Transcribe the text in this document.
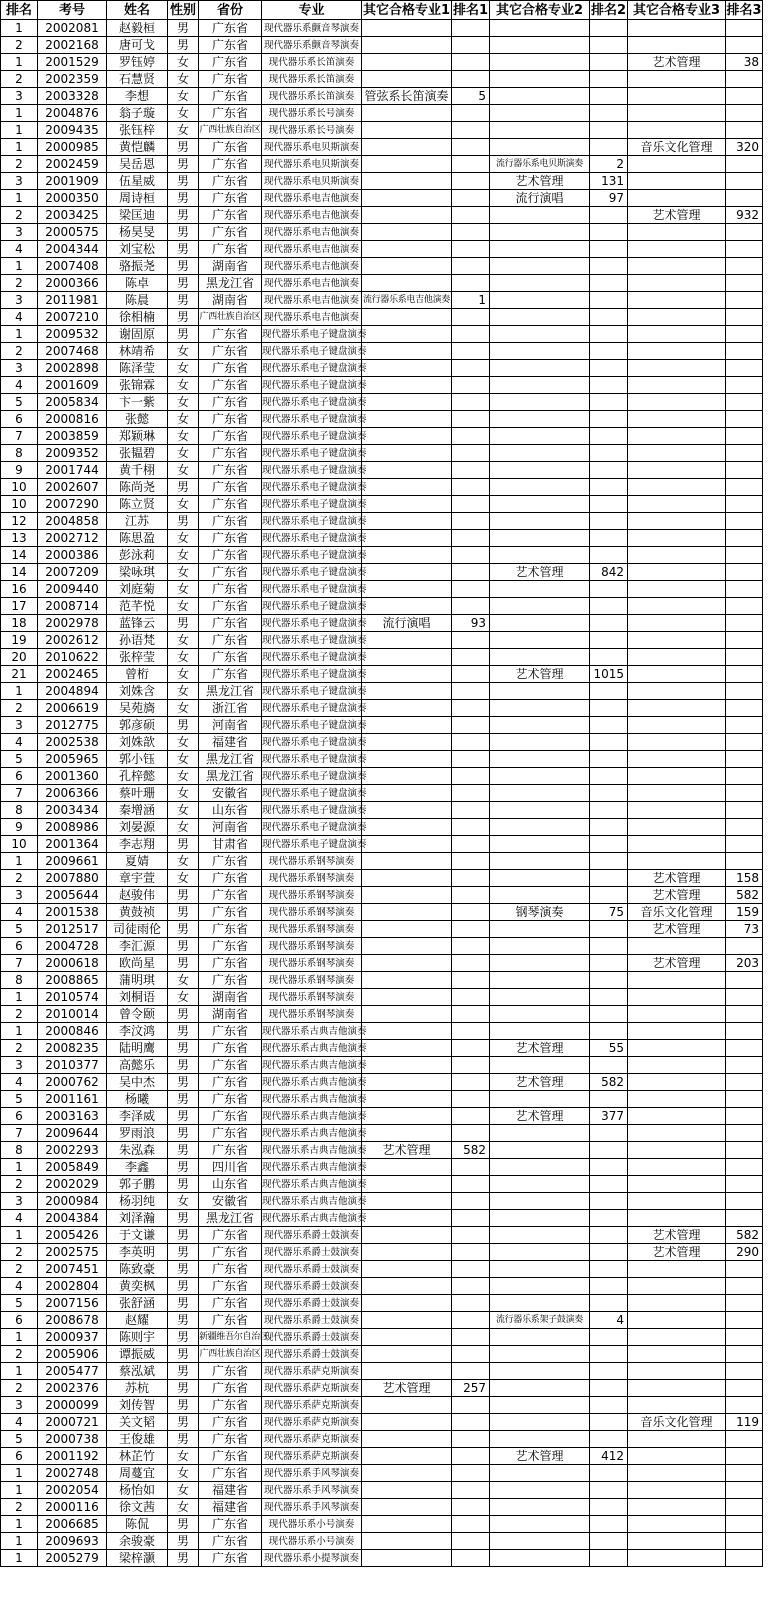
排名	考号	姓名	性别	省份	专业	其它合格专业1	排名1	其它合格专业2	排名2	其它合格专业3	排名3
1	2002081	赵毅桓	男	广东省	现代器乐系颤音琴演奏						
2	2002168	唐可戈	男	广东省	现代器乐系颤音琴演奏						
1	2001529	罗钰婷	女	广东省	现代器乐系长笛演奏					艺术管理	38
2	2002359	石慧贤	女	广东省	现代器乐系长笛演奏						
3	2003328	李想	女	广东省	现代器乐系长笛演奏	管弦系长笛演奏	5				
1	2004876	翁子璇	女	广东省	现代器乐系长号演奏						
1	2009435	张钰梓	女	广西壮族自治区	现代器乐系长号演奏						
1	2000985	黄恺麟	男	广东省	现代器乐系电贝斯演奏					音乐文化管理	320
2	2002459	吴岳恩	男	广东省	现代器乐系电贝斯演奏			流行器乐系电贝斯演奏	2		
3	2001909	伍星威	男	广东省	现代器乐系电贝斯演奏			艺术管理	131		
1	2000350	周诗桓	男	广东省	现代器乐系电吉他演奏			流行演唱	97		
2	2003425	梁匡迪	男	广东省	现代器乐系电吉他演奏					艺术管理	932
3	2000575	杨昊旻	男	广东省	现代器乐系电吉他演奏						
4	2004344	刘宝松	男	广东省	现代器乐系电吉他演奏						
1	2007408	骆振尧	男	湖南省	现代器乐系电吉他演奏						
2	2000366	陈卓	男	黑龙江省	现代器乐系电吉他演奏						
3	2011981	陈晨	男	湖南省	现代器乐系电吉他演奏	流行器乐系电吉他演奏	1				
4	2007210	徐相楠	男	广西壮族自治区	现代器乐系电吉他演奏						
1	2009532	谢固原	男	广东省	现代器乐系电子键盘演奏						
2	2007468	林靖希	女	广东省	现代器乐系电子键盘演奏						
3	2002898	陈泽莹	女	广东省	现代器乐系电子键盘演奏						
4	2001609	张锦霖	女	广东省	现代器乐系电子键盘演奏						
5	2005834	卞一紫	女	广东省	现代器乐系电子键盘演奏						
6	2000816	张懿	女	广东省	现代器乐系电子键盘演奏						
7	2003859	郑颖琳	女	广东省	现代器乐系电子键盘演奏						
8	2009352	张韫碧	女	广东省	现代器乐系电子键盘演奏						
9	2001744	黄千栩	女	广东省	现代器乐系电子键盘演奏						
10	2002607	陈尚尧	男	广东省	现代器乐系电子键盘演奏						
10	2007290	陈立贤	女	广东省	现代器乐系电子键盘演奏						
12	2004858	江苏	男	广东省	现代器乐系电子键盘演奏						
13	2002712	陈思盈	女	广东省	现代器乐系电子键盘演奏						
14	2000386	彭泳莉	女	广东省	现代器乐系电子键盘演奏						
14	2007209	梁咏琪	女	广东省	现代器乐系电子键盘演奏			艺术管理	842		
16	2009440	刘庭菊	女	广东省	现代器乐系电子键盘演奏						
17	2008714	范芊悦	女	广东省	现代器乐系电子键盘演奏						
18	2002978	蓝锋云	男	广东省	现代器乐系电子键盘演奏	流行演唱	93				
19	2002612	孙语梵	女	广东省	现代器乐系电子键盘演奏						
20	2010622	张梓莹	女	广东省	现代器乐系电子键盘演奏						
21	2002465	曾桁	女	广东省	现代器乐系电子键盘演奏			艺术管理	1015		
1	2004894	刘姝含	女	黑龙江省	现代器乐系电子键盘演奏						
2	2006619	吴苑旖	女	浙江省	现代器乐系电子键盘演奏						
3	2012775	郭彦硕	男	河南省	现代器乐系电子键盘演奏						
4	2002538	刘姝歆	女	福建省	现代器乐系电子键盘演奏						
5	2005965	郭小钰	女	黑龙江省	现代器乐系电子键盘演奏						
6	2001360	孔梓懿	女	黑龙江省	现代器乐系电子键盘演奏						
7	2006366	蔡叶珊	女	安徽省	现代器乐系电子键盘演奏						
8	2003434	秦增涵	女	山东省	现代器乐系电子键盘演奏						
9	2008986	刘晏源	女	河南省	现代器乐系电子键盘演奏						
10	2001364	李志翔	男	甘肃省	现代器乐系电子键盘演奏						
1	2009661	夏婧	女	广东省	现代器乐系钢琴演奏						
2	2007880	章宇萱	女	广东省	现代器乐系钢琴演奏					艺术管理	158
3	2005644	赵骏伟	男	广东省	现代器乐系钢琴演奏					艺术管理	582
4	2001538	黄鼓祯	男	广东省	现代器乐系钢琴演奏			钢琴演奏	75	音乐文化管理	159
5	2012517	司徒雨伦	男	广东省	现代器乐系钢琴演奏					艺术管理	73
6	2004728	李汇源	男	广东省	现代器乐系钢琴演奏						
7	2000618	欧尚星	男	广东省	现代器乐系钢琴演奏					艺术管理	203
8	2008865	蒲明琪	女	广东省	现代器乐系钢琴演奏						
1	2010574	刘桐语	女	湖南省	现代器乐系钢琴演奏						
2	2010014	曾令颐	男	湖南省	现代器乐系钢琴演奏						
1	2000846	李汶鸿	男	广东省	现代器乐系古典吉他演奏						
2	2008235	陆明鹰	男	广东省	现代器乐系古典吉他演奏			艺术管理	55		
3	2010377	高懿乐	男	广东省	现代器乐系古典吉他演奏						
4	2000762	吴中杰	男	广东省	现代器乐系古典吉他演奏			艺术管理	582		
5	2001161	杨曦	男	广东省	现代器乐系古典吉他演奏						
6	2003163	李泽威	男	广东省	现代器乐系古典吉他演奏			艺术管理	377		
7	2009644	罗雨浪	男	广东省	现代器乐系古典吉他演奏						
8	2002293	朱泓森	男	广东省	现代器乐系古典吉他演奏	艺术管理	582				
1	2005849	李鑫	男	四川省	现代器乐系古典吉他演奏						
2	2002029	郭子鹏	男	山东省	现代器乐系古典吉他演奏						
3	2000984	杨羽纯	女	安徽省	现代器乐系古典吉他演奏						
4	2004384	刘泽瀚	男	黑龙江省	现代器乐系古典吉他演奏						
1	2005426	于文谦	男	广东省	现代器乐系爵士鼓演奏					艺术管理	582
2	2002575	李英明	男	广东省	现代器乐系爵士鼓演奏					艺术管理	290
2	2007451	陈致豪	男	广东省	现代器乐系爵士鼓演奏						
4	2002804	黄奕枫	男	广东省	现代器乐系爵士鼓演奏						
5	2007156	张舒涵	男	广东省	现代器乐系爵士鼓演奏						
6	2008678	赵耀	男	广东省	现代器乐系爵士鼓演奏			流行器乐系架子鼓演奏	4		
1	2000937	陈则宇	男	新疆维吾尔自治区	现代器乐系爵士鼓演奏						
2	2005906	谭振威	男	广西壮族自治区	现代器乐系爵士鼓演奏						
1	2005477	蔡泓斌	男	广东省	现代器乐系萨克斯演奏						
2	2002376	苏杭	男	广东省	现代器乐系萨克斯演奏	艺术管理	257				
3	2000099	刘传智	男	广东省	现代器乐系萨克斯演奏						
4	2000721	关文韬	男	广东省	现代器乐系萨克斯演奏					音乐文化管理	119
5	2000738	王俊雄	男	广东省	现代器乐系萨克斯演奏						
6	2001192	林芷竹	女	广东省	现代器乐系萨克斯演奏			艺术管理	412		
1	2002748	周蔓宜	女	广东省	现代器乐系手风琴演奏						
1	2002054	杨怡如	女	福建省	现代器乐系手风琴演奏						
2	2000116	徐文茜	女	福建省	现代器乐系手风琴演奏						
1	2006685	陈侃	男	广东省	现代器乐系小号演奏						
1	2009693	余骏豪	男	广东省	现代器乐系小号演奏						
1	2005279	梁梓灏	男	广东省	现代器乐系小提琴演奏						
